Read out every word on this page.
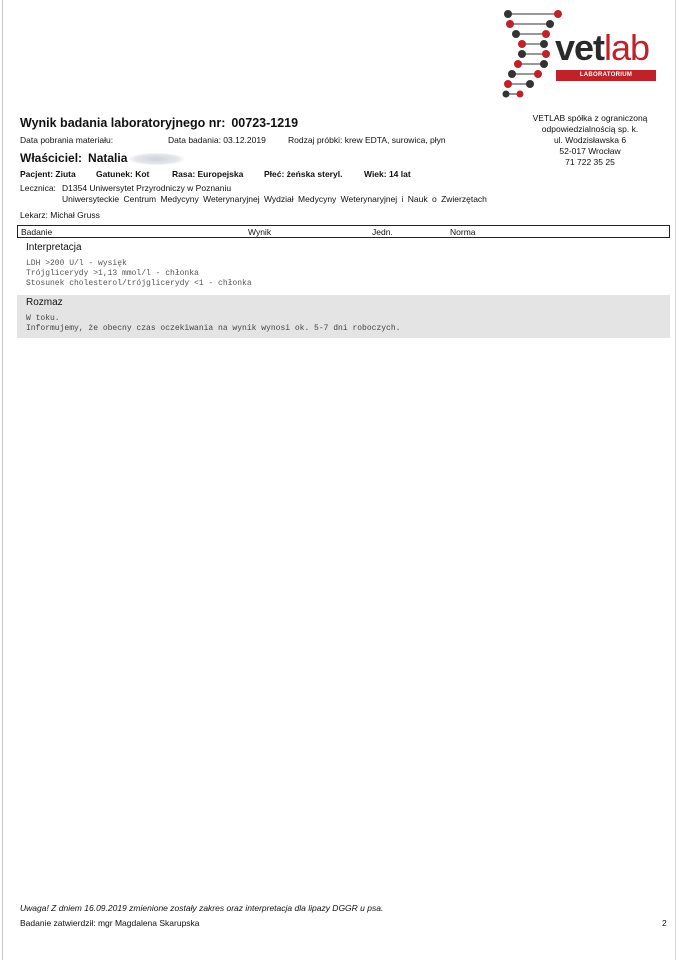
vetlab
LABORATORIUM WETERYNARYJNE
Wynik badania laboratoryjnego nr: 00723-1219	VETLAB spółka z ograniczoną
odpowiedzialnością sp. k.
ul. Wodzisławska 6
52-017 Wrocław
71 722 35 25
Data pobrania materiału:	Data badania: 03.12.2019	Rodzaj próbki: krew EDTA, surowica, płyn
Właściciel: Natalia
Pacjent: Ziuta Gatunek: Kot	Rasa: Europejska Płeć: żeńska steryl.	Wiek: 14 lat
Lecznica: D1354 Uniwersytet Przyrodniczy w Poznaniu
Uniwersyteckie Centrum Medycyny Weterynaryjnej Wydział Medycyny Weterynaryjnej i Nauk o Zwierzętach
Lekarz: Michał Gruss
Badanie	Wynik	Jedn.	Norma
Interpretacja
LDH >200 U/l - wysięk
Trójglicerydy >1,13 mmol/l - chłonka
Stosunek cholesterol/trójglicerydy <1 - chłonka
Rozmaz
W toku.
Informujemy, że obecny czas oczekiwania na wynik wynosi ok. 5-7 dni roboczych.
Uwaga! Z dniem 16.09.2019 zmienione zostały zakres oraz interpretacja dla lipazy DGGR u psa.
Badanie zatwierdził: mgr Magdalena Skarupska	2
